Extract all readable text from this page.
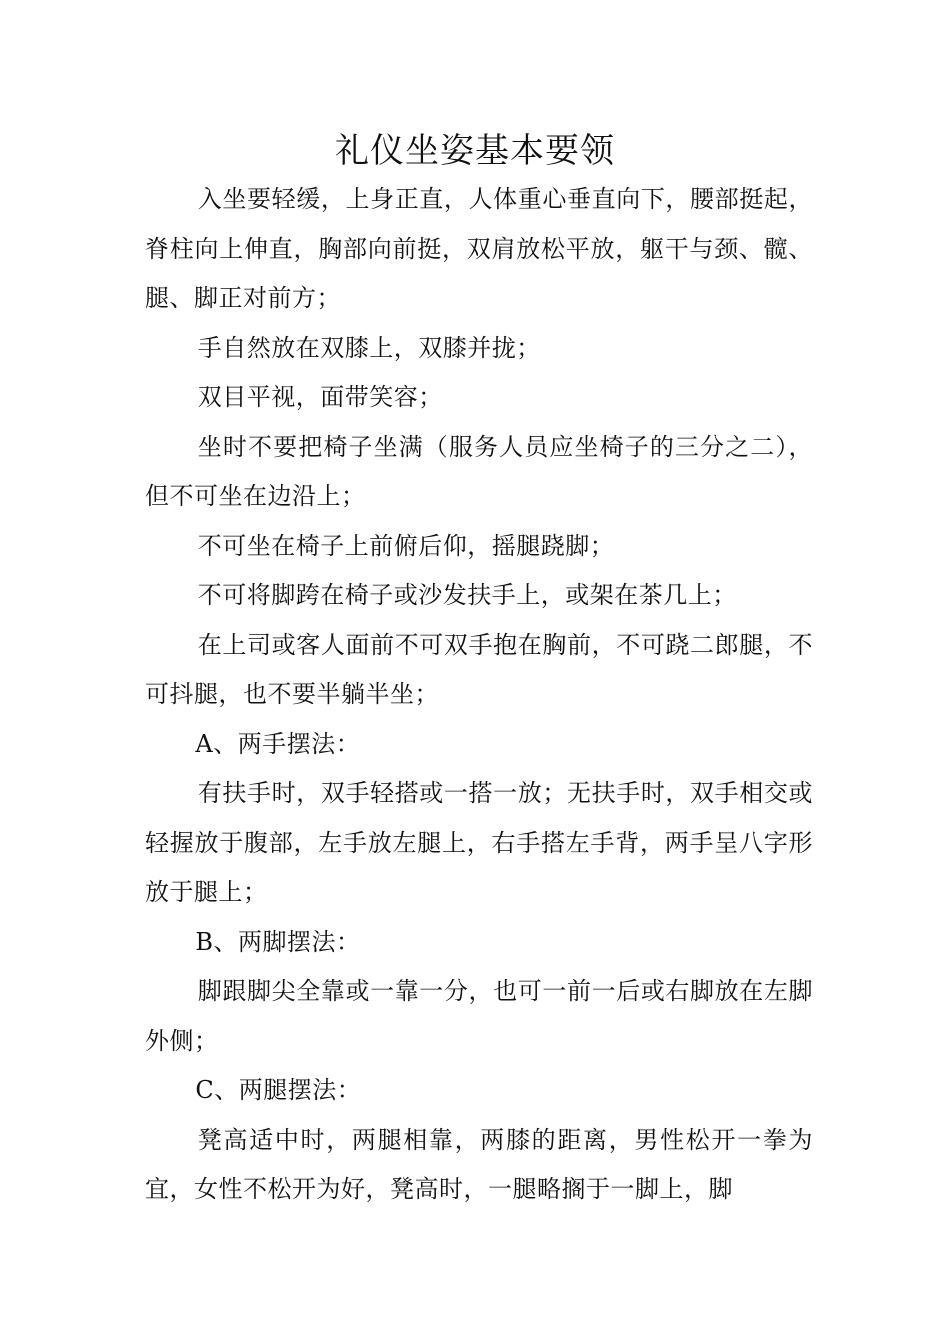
礼仪坐姿基本要领

入坐要轻缓，上身正直，人体重心垂直向下，腰部挺起，脊柱向上伸直，胸部向前挺，双肩放松平放，躯干与颈、髋、腿、脚正对前方；

手自然放在双膝上，双膝并拢；

双目平视，面带笑容；

坐时不要把椅子坐满（服务人员应坐椅子的三分之二），但不可坐在边沿上；

不可坐在椅子上前俯后仰，摇腿跷脚；

不可将脚跨在椅子或沙发扶手上，或架在茶几上；

在上司或客人面前不可双手抱在胸前，不可跷二郎腿，不可抖腿，也不要半躺半坐；

A、两手摆法：

有扶手时，双手轻搭或一搭一放；无扶手时，双手相交或轻握放于腹部，左手放左腿上，右手搭左手背，两手呈八字形放于腿上；

B、两脚摆法：

脚跟脚尖全靠或一靠一分，也可一前一后或右脚放在左脚外侧；

C、两腿摆法：

凳高适中时，两腿相靠，两膝的距离，男性松开一拳为宜，女性不松开为好，凳高时，一腿略搁于一脚上，脚
